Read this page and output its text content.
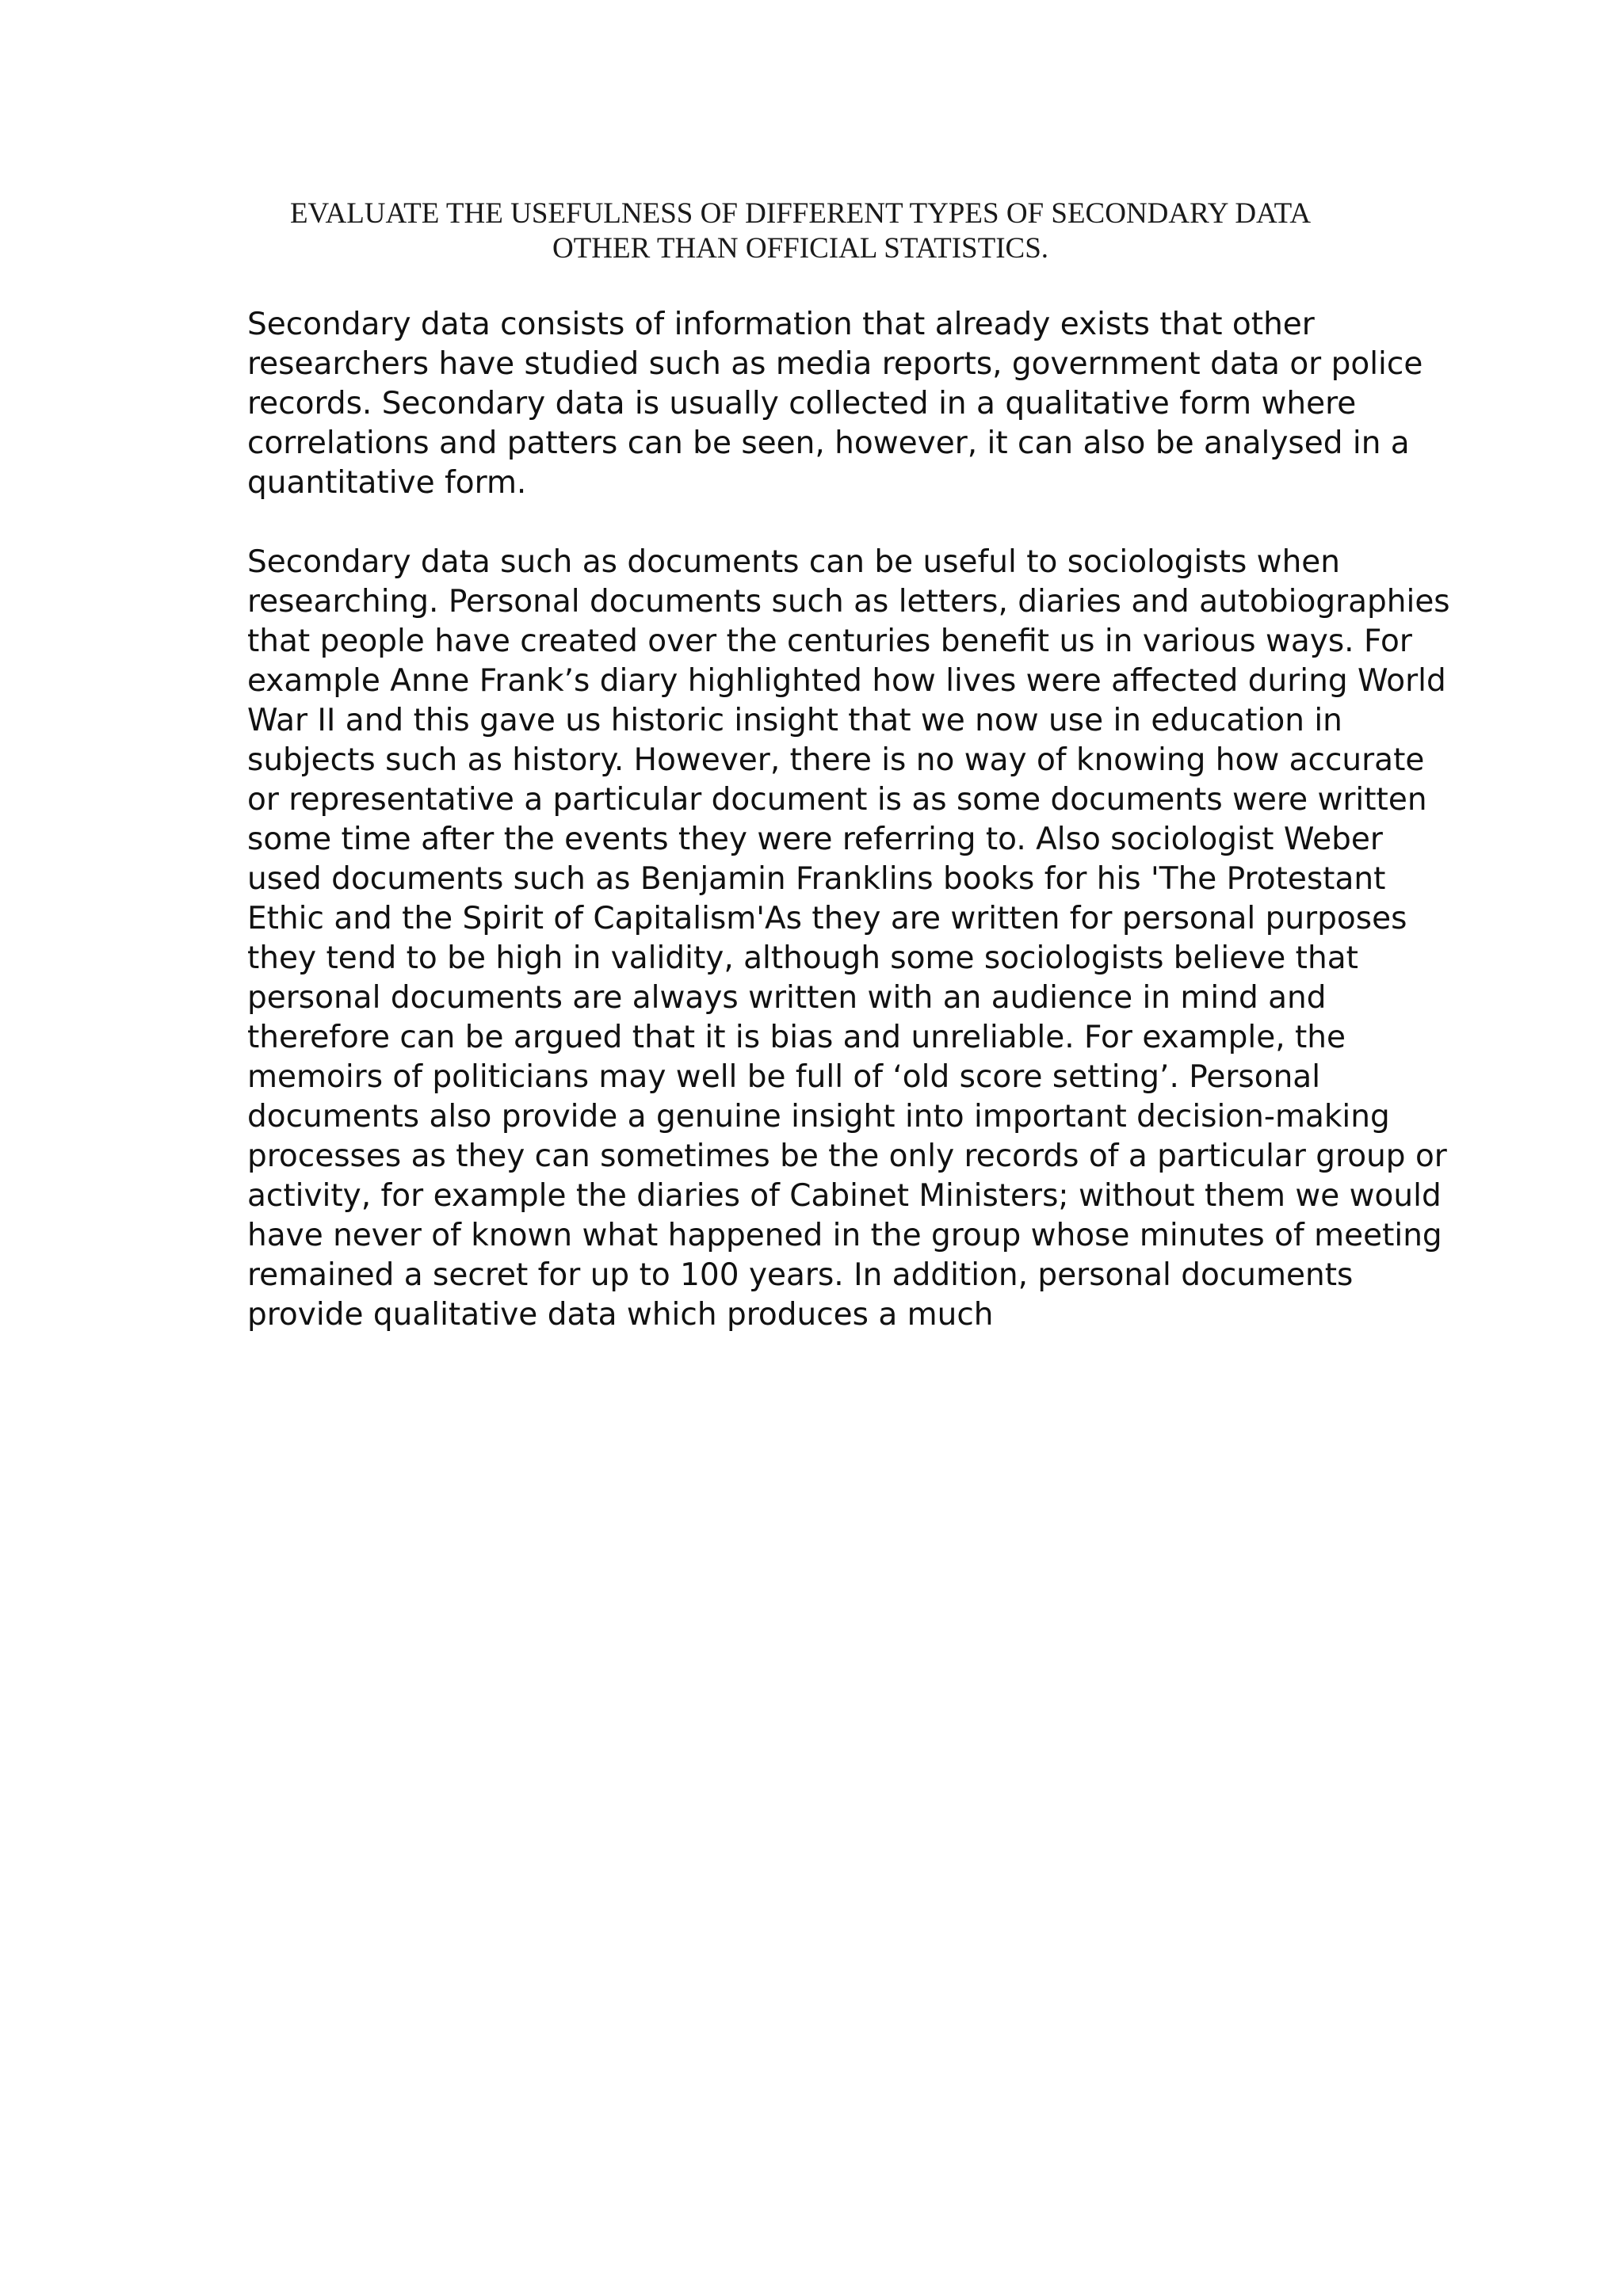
EVALUATE THE USEFULNESS OF DIFFERENT TYPES OF SECONDARY DATA
OTHER THAN OFFICIAL STATISTICS.

Secondary data consists of information that already exists that other
researchers have studied such as media reports, government data or police
records. Secondary data is usually collected in a qualitative form where
correlations and patters can be seen, however, it can also be analysed in a
quantitative form.

Secondary data such as documents can be useful to sociologists when
researching. Personal documents such as letters, diaries and autobiographies
that people have created over the centuries benefit us in various ways. For
example Anne Frank’s diary highlighted how lives were affected during World
War II and this gave us historic insight that we now use in education in
subjects such as history. However, there is no way of knowing how accurate
or representative a particular document is as some documents were written
some time after the events they were referring to. Also sociologist Weber
used documents such as Benjamin Franklins books for his 'The Protestant
Ethic and the Spirit of Capitalism'As they are written for personal purposes
they tend to be high in validity, although some sociologists believe that
personal documents are always written with an audience in mind and
therefore can be argued that it is bias and unreliable. For example, the
memoirs of politicians may well be full of ‘old score setting’. Personal
documents also provide a genuine insight into important decision-making
processes as they can sometimes be the only records of a particular group or
activity, for example the diaries of Cabinet Ministers; without them we would
have never of known what happened in the group whose minutes of meeting
remained a secret for up to 100 years. In addition, personal documents
provide qualitative data which produces a much
